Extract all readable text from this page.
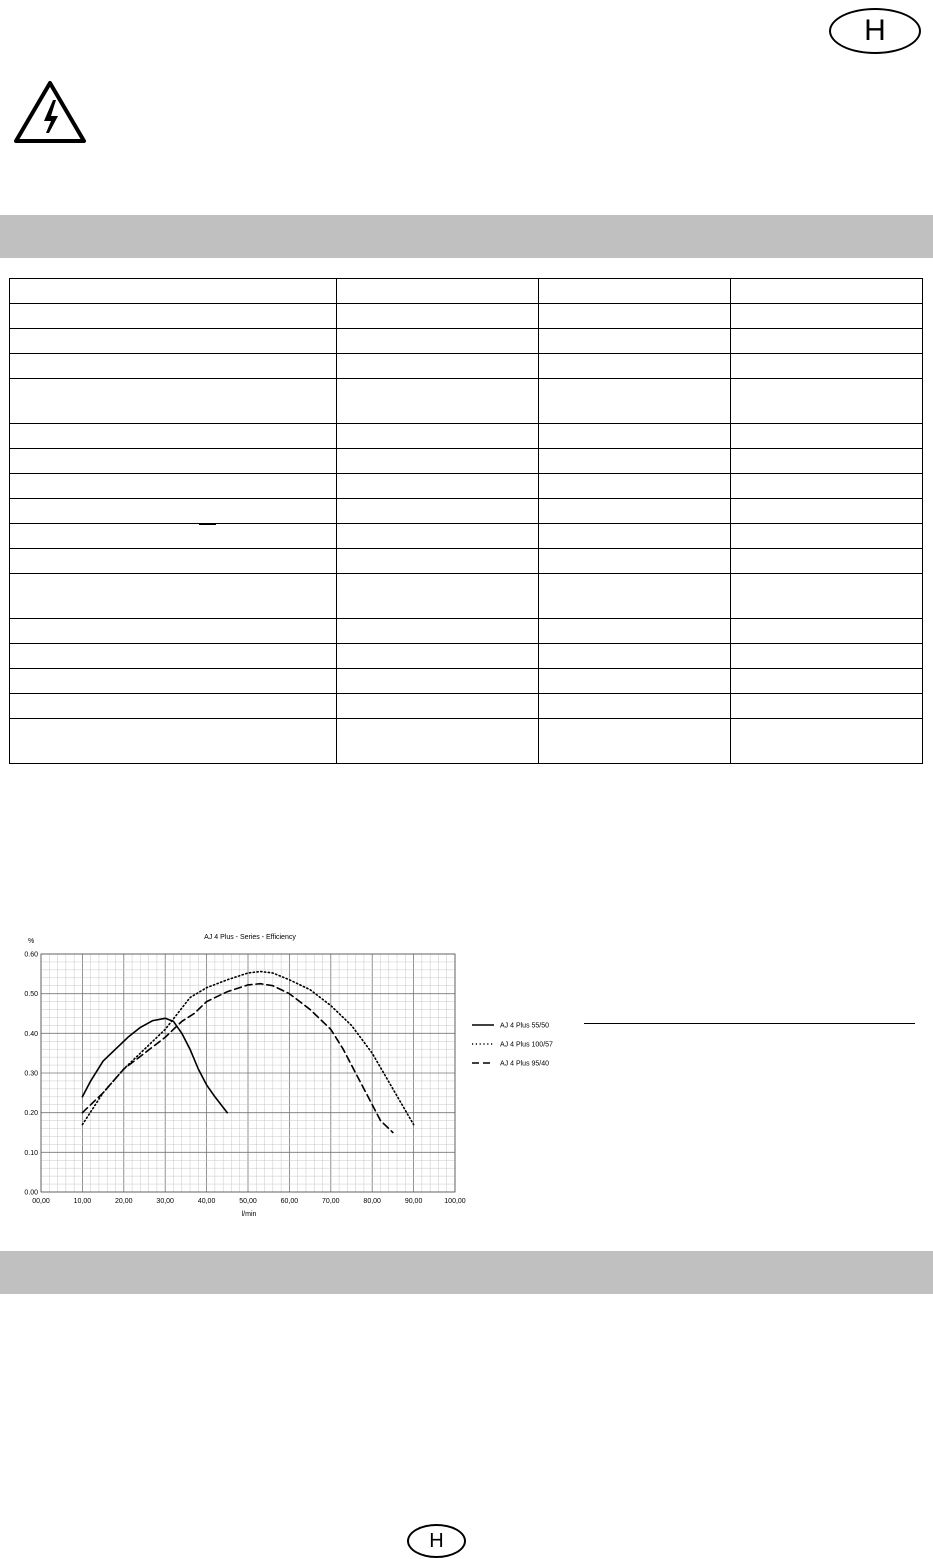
H

00,00	10,00	20,00	30,00	40,00	50,00	60,00	70,00	80,00	90,00	100,00
0.00
0.10
0.20
0.30
0.40
0.50
0.60
AJ 4 Plus 55/50
AJ 4 Plus 100/57
AJ 4 Plus 95/40
AJ 4 Plus - Series - Efficiency
%
l/min
H
